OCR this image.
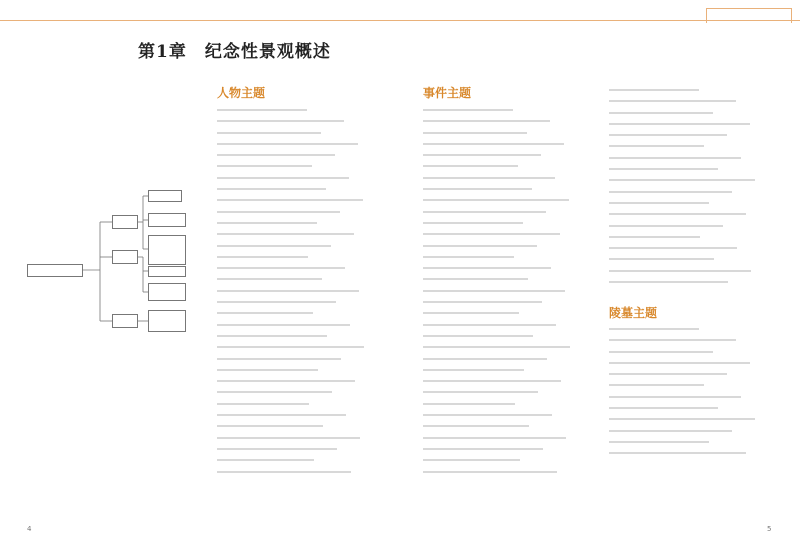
第1章　纪念性景观概述
人物主题	事件主题
陵墓主题
4	5
